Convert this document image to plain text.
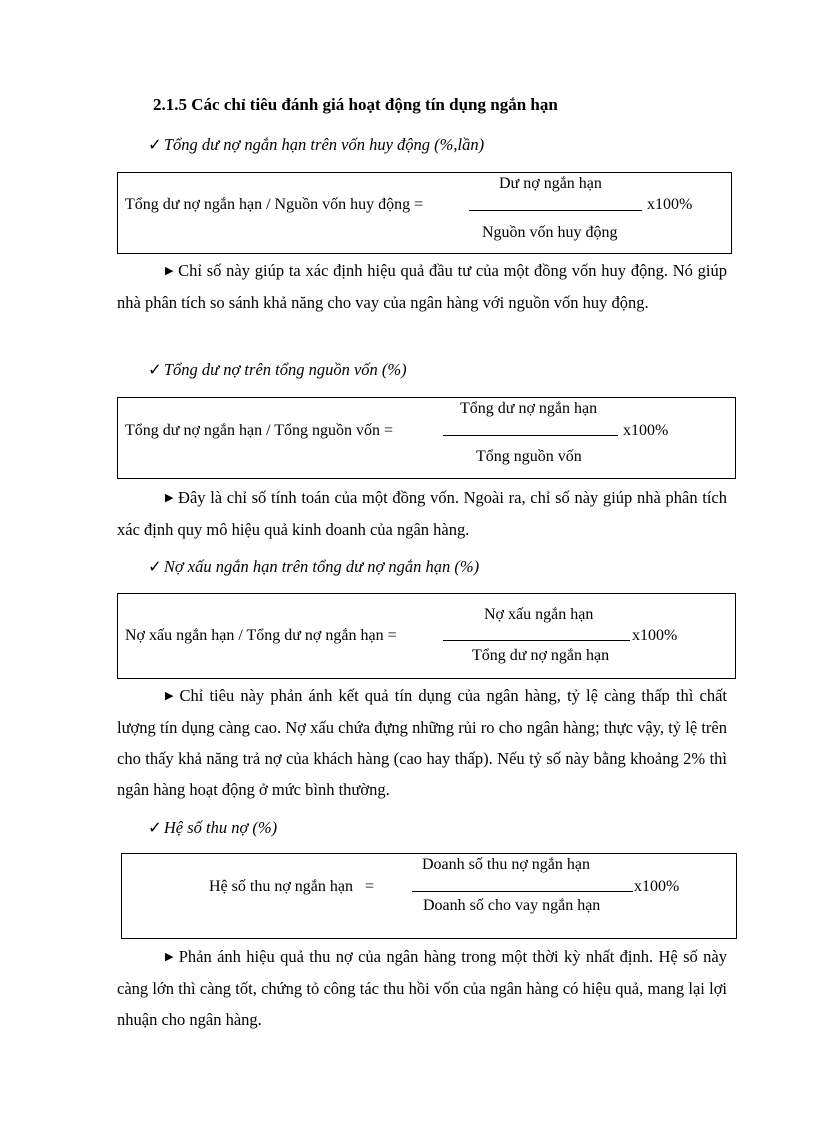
2.1.5 Các chỉ tiêu đánh giá hoạt động tín dụng ngắn hạn
✓ Tổng dư nợ ngắn hạn trên vốn huy động (%,lần)
Tổng dư nợ ngắn hạn / Nguồn vốn huy động =
Dư nợ ngắn hạn
Nguồn vốn huy động
x100%
▶ Chỉ số này giúp ta xác định hiệu quả đầu tư của một đồng vốn huy động. Nó giúp nhà phân tích so sánh khả năng cho vay của ngân hàng với nguồn vốn huy động.
✓ Tổng dư nợ trên tổng nguồn vốn (%)
Tổng dư nợ ngắn hạn / Tổng nguồn vốn =
Tổng dư nợ ngắn hạn
Tổng nguồn vốn
x100%
▶ Đây là chỉ số tính toán của một đồng vốn. Ngoài ra, chỉ số này giúp nhà phân tích xác định quy mô hiệu quả kinh doanh của ngân hàng.
✓ Nợ xấu ngắn hạn trên tổng dư nợ ngắn hạn (%)
Nợ xấu ngắn hạn / Tổng dư nợ ngắn hạn =
Nợ xấu ngắn hạn
Tổng dư nợ ngắn hạn
x100%
▶ Chỉ tiêu này phản ánh kết quả tín dụng của ngân hàng, tỷ lệ càng thấp thì chất lượng tín dụng càng cao. Nợ xấu chứa đựng những rủi ro cho ngân hàng; thực vậy, tỷ lệ trên cho thấy khả năng trả nợ của khách hàng (cao hay thấp). Nếu tỷ số này bằng khoảng 2% thì ngân hàng hoạt động ở mức bình thường.
✓ Hệ số thu nợ (%)
Hệ số thu nợ ngắn hạn   =
Doanh số thu nợ ngắn hạn
Doanh số cho vay ngắn hạn
x100%
▶ Phản ánh hiệu quả thu nợ của ngân hàng trong một thời kỳ nhất định. Hệ số này càng lớn thì càng tốt, chứng tỏ công tác thu hồi vốn của ngân hàng có hiệu quả, mang lại lợi nhuận cho ngân hàng.
